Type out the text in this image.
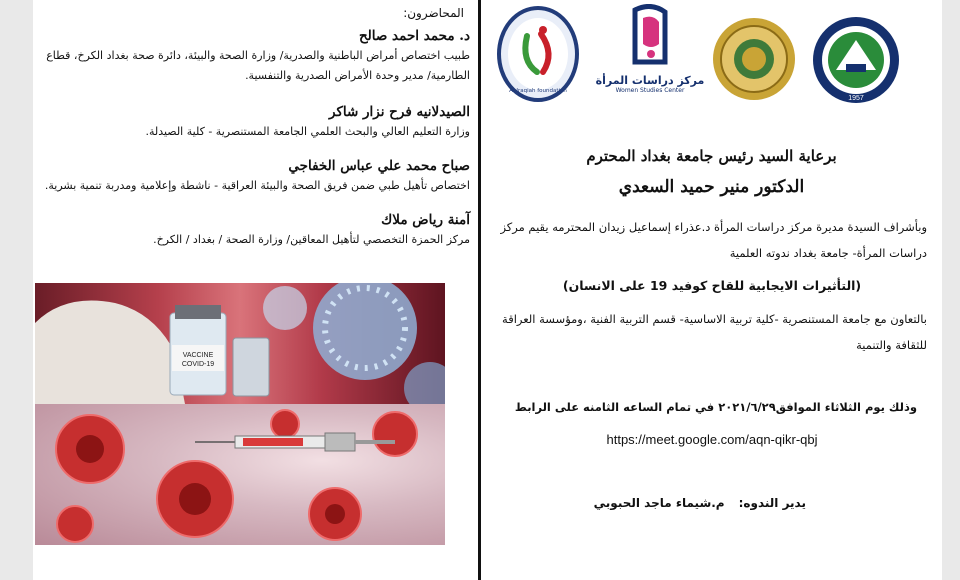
المحاضرون:
د. محمد احمد صالح
طبيب اختصاص أمراض الباطنية والصدرية/ وزارة الصحة والبيئة، دائرة صحة بغداد الكرخ، قطاع الطارمية/ مدير وحدة الأمراض الصدرية والتنفسية.
الصيدلانيه فرح نزار شاكر
وزارة التعليم العالي والبحث العلمي الجامعة المستنصرية - كلية الصيدلة.
صباح محمد علي عباس الخفاجي
اختصاص تأهيل طبي ضمن فريق الصحة والبيئة العراقية - ناشطة وإعلامية ومدربة تنمية بشرية.
آمنة رياض ملاك
مركز الحمزة التخصصي لتأهيل المعاقين/ وزارة الصحة / بغداد / الكرخ.
VACCINE
COVID-19
Al-Iraqiah foundation
مركز دراسات المرأة
Women Studies Center
1957
برعاية السيد رئيس جامعة بغداد المحترم
الدكتور منير حميد السعدي
وبأشراف السيدة مديرة مركز دراسات المرأة د.عذراء إسماعيل زيدان المحترمه يقيم مركز دراسات المرأة- جامعة بغداد ندوته العلمية
(التأثيرات الايجابية للقاح كوفيد 19 على الانسان)
بالتعاون مع جامعة المستنصرية -كلية تربية الاساسية- قسم التربية الفنية ،ومؤسسة العراقة للثقافة والتنمية
وذلك يوم الثلاثاء الموافق٢٠٢١/٦/٢٩ في تمام الساعه الثامنه على الرابط
https://meet.google.com/aqn-qikr-qbj
يدير الندوه:م.شيماء ماجد الحبوبي
